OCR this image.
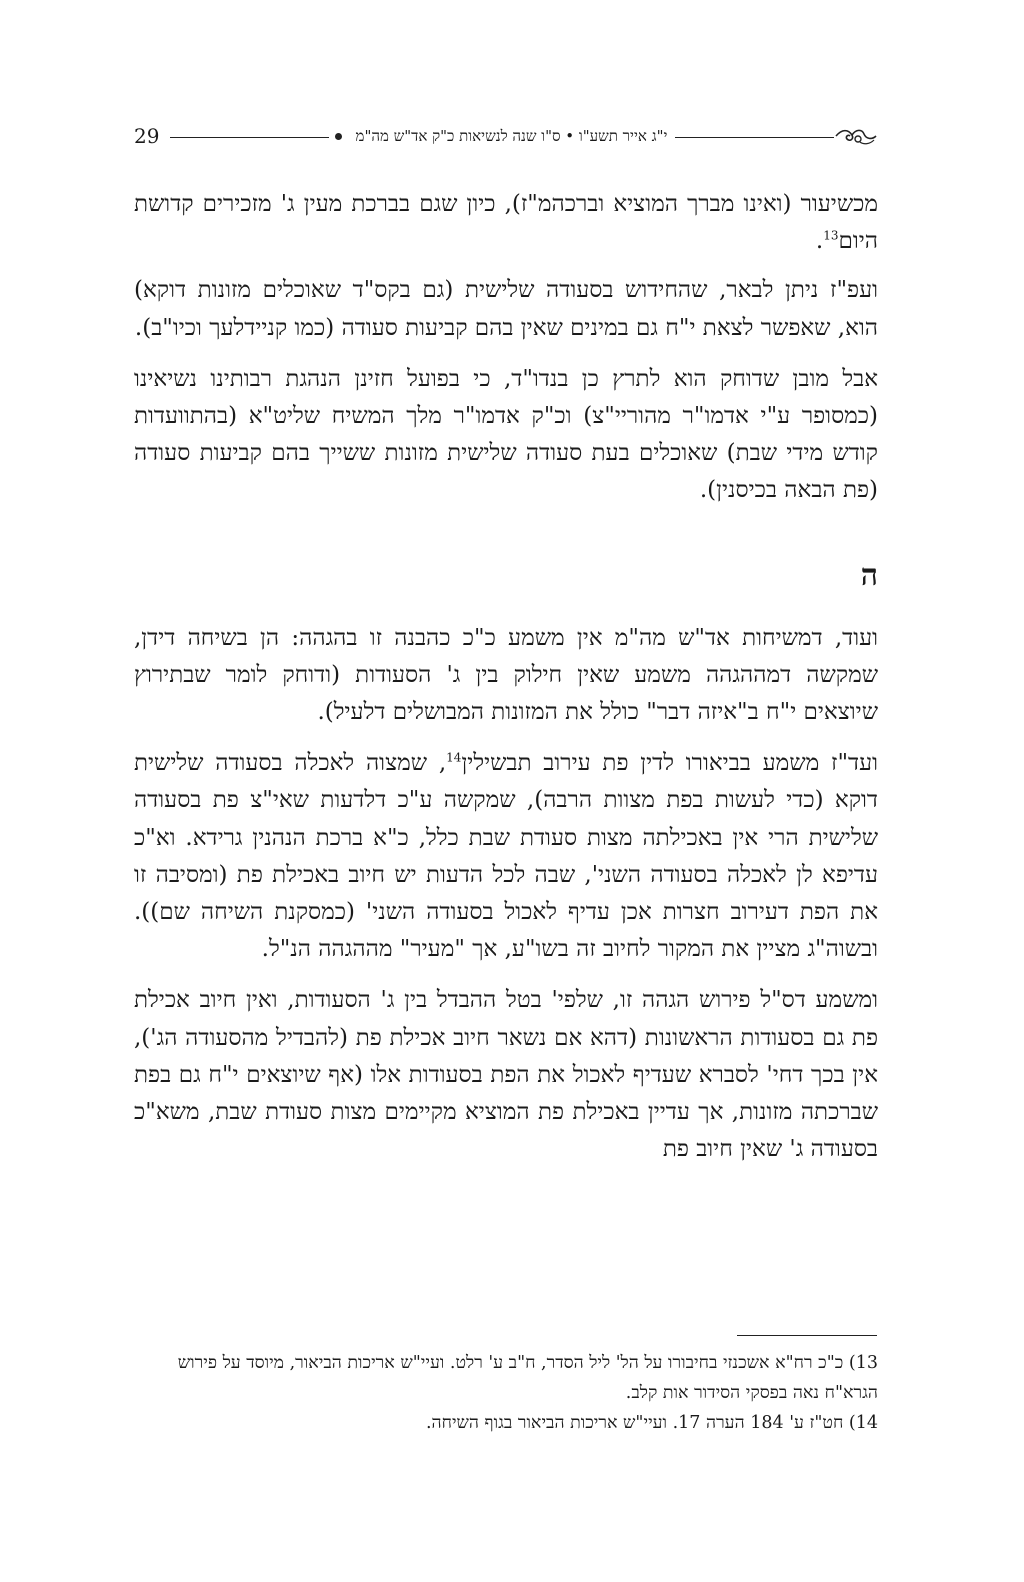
29	י"ג אייר תשע"ו • ס"ו שנה לנשיאות כ"ק אד"ש מה"מ

מכשיעור (ואינו מברך המוציא וברכהמ"ז), כיון שגם בברכת מעין ג' מזכירים קדושת היום$^{13}$.

ועפ"ז ניתן לבאר, שהחידוש בסעודה שלישית (גם בקס"ד שאוכלים מזונות דוקא) הוא, שאפשר לצאת י"ח גם במינים שאין בהם קביעות סעודה (כמו קניידלעך וכיו"ב).

אבל מובן שדוחק הוא לתרץ כן בנדו"ד, כי בפועל חזינן הנהגת רבותינו נשיאינו (כמסופר ע"י אדמו"ר מהוריי"צ) וכ"ק אדמו"ר מלך המשיח שליט"א (בהתוועדות קודש מידי שבת) שאוכלים בעת סעודה שלישית מזונות ששייך בהם קביעות סעודה (פת הבאה בכיסנין).

ה

ועוד, דמשיחות אד"ש מה"מ אין משמע כ"כ כהבנה זו בהגהה: הן בשיחה דידן, שמקשה דמההגהה משמע שאין חילוק בין ג' הסעודות (ודוחק לומר שבתירוץ שיוצאים י"ח ב"איזה דבר" כולל את המזונות המבושלים דלעיל).

ועד"ז משמע בביאורו לדין פת עירוב תבשילין$^{14}$, שמצוה לאכלה בסעודה שלישית דוקא (כדי לעשות בפת מצוות הרבה), שמקשה ע"כ דלדעות שאי"צ פת בסעודה שלישית הרי אין באכילתה מצות סעודת שבת כלל, כ"א ברכת הנהנין גרידא. וא"כ עדיפא לן לאכלה בסעודה השני', שבה לכל הדעות יש חיוב באכילת פת (ומסיבה זו את הפת דעירוב חצרות אכן עדיף לאכול בסעודה השני' (כמסקנת השיחה שם)). ובשוה"ג מציין את המקור לחיוב זה בשו"ע, אך "מעיר" מההגהה הנ"ל.

ומשמע דס"ל פירוש הגהה זו, שלפי' בטל ההבדל בין ג' הסעודות, ואין חיוב אכילת פת גם בסעודות הראשונות (דהא אם נשאר חיוב אכילת פת (להבדיל מהסעודה הג'), אין בכך דחי' לסברא שעדיף לאכול את הפת בסעודות אלו (אף שיוצאים י"ח גם בפת שברכתה מזונות, אך עדיין באכילת פת המוציא מקיימים מצות סעודת שבת, משא"כ בסעודה ג' שאין חיוב פת

13) כ"כ רח"א אשכנזי בחיבורו על הל' ליל הסדר, ח"ב ע' רלט. ועיי"ש אריכות הביאור, מיוסד על פירוש הגרא"ח נאה בפסקי הסידור אות קלב.

14) חט"ז ע' 184 הערה 17. ועיי"ש אריכות הביאור בגוף השיחה.
